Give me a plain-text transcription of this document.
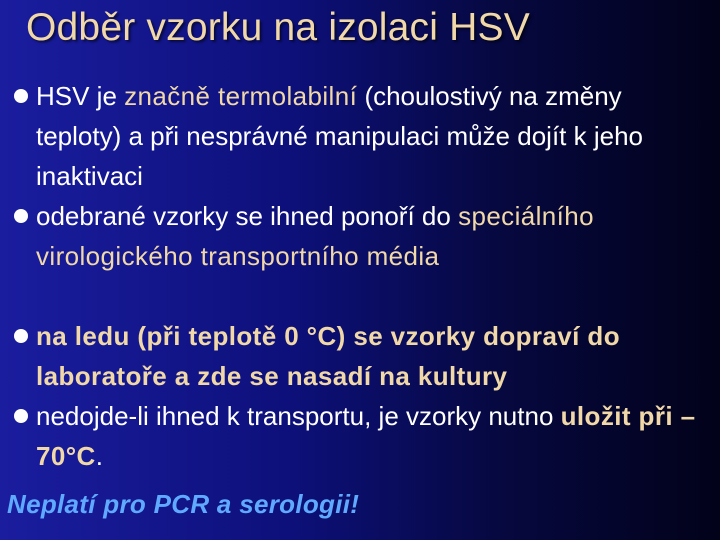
Odběr vzorku na izolaci HSV
HSV je značně termolabilní (choulostivý na změny teploty) a při nesprávné manipulaci může dojít k jeho inaktivaci
odebrané vzorky se ihned ponoří do speciálního virologického transportního média
na ledu (při teplotě 0 °C) se vzorky dopraví do laboratoře a zde se nasadí na kultury
nedojde-li ihned k transportu, je vzorky nutno uložit při –70°C.
Neplatí pro PCR a serologii!
